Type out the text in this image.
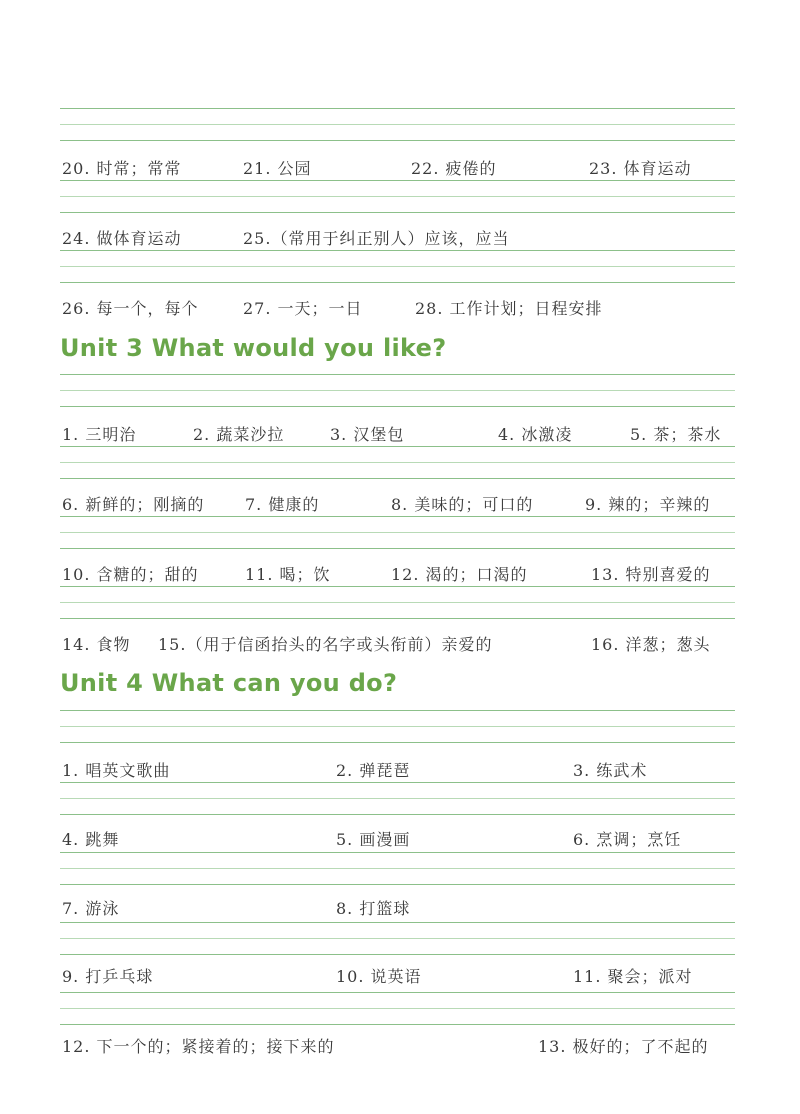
20. 时常；常常	21. 公园	22. 疲倦的	23. 体育运动
24. 做体育运动	25.（常用于纠正别人）应该，应当
26. 每一个，每个	27. 一天；一日	28. 工作计划；日程安排
Unit 3 What would you like?
1. 三明治	2. 蔬菜沙拉	3. 汉堡包	4. 冰激凌	5. 茶；茶水
6. 新鲜的；刚摘的	7. 健康的	8. 美味的；可口的	9. 辣的；辛辣的
10. 含糖的；甜的	11. 喝；饮	12. 渴的；口渴的	13. 特别喜爱的
14. 食物 15.（用于信函抬头的名字或头衔前）亲爱的	16. 洋葱；葱头
Unit 4 What can you do?
1. 唱英文歌曲	2. 弹琵琶	3. 练武术
4. 跳舞	5. 画漫画	6. 烹调；烹饪
7. 游泳	8. 打篮球
9. 打乒乓球	10. 说英语	11. 聚会；派对
12. 下一个的；紧接着的；接下来的	13. 极好的；了不起的
